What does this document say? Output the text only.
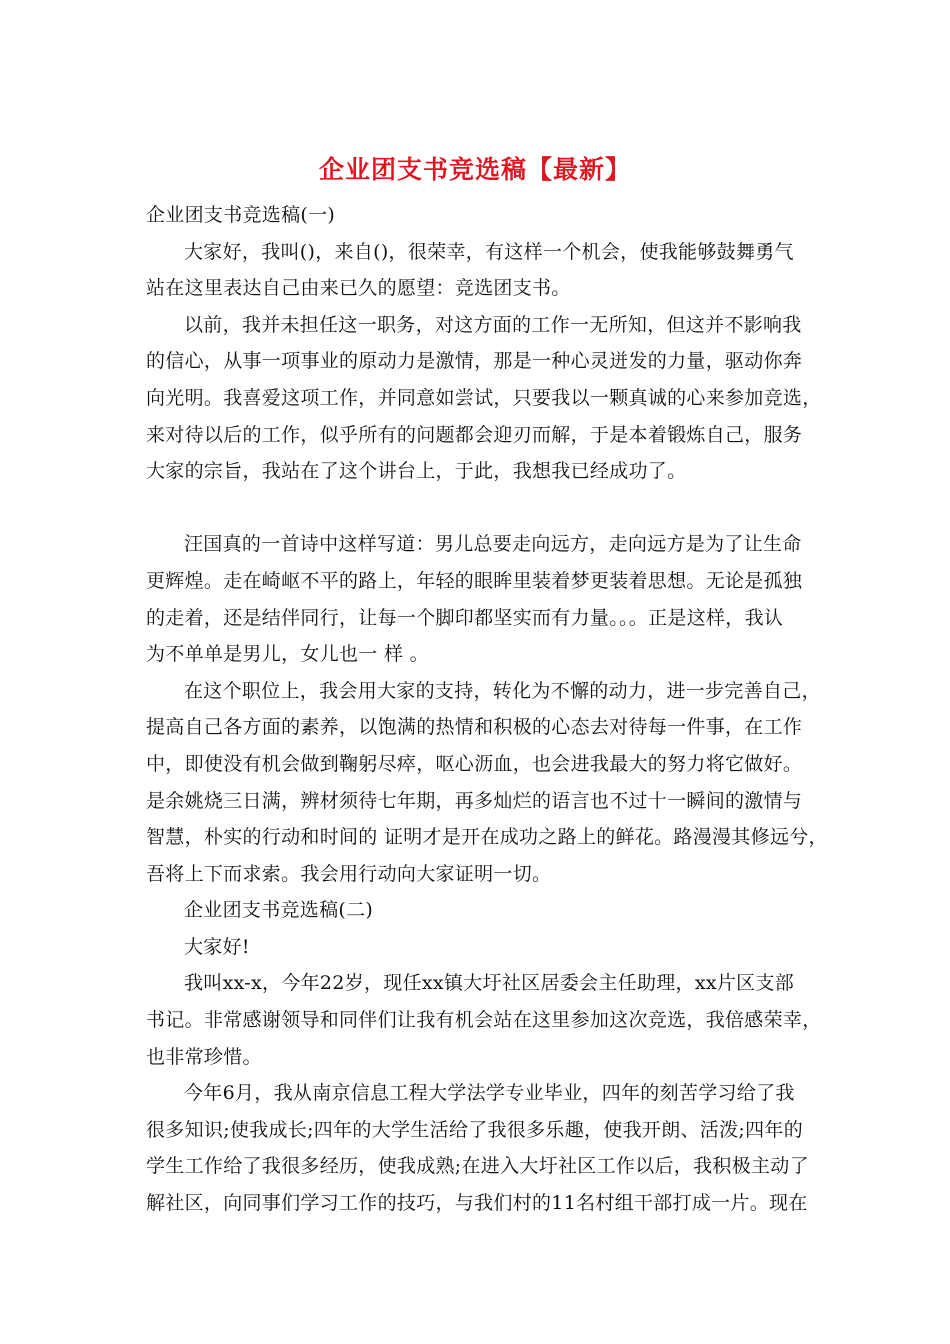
企业团支书竞选稿【最新】
企业团支书竞选稿(一)
大家好，我叫()，来自()，很荣幸，有这样一个机会，使我能够鼓舞勇气
站在这里表达自己由来已久的愿望：竞选团支书。
以前，我并未担任这一职务，对这方面的工作一无所知，但这并不影响我
的信心，从事一项事业的原动力是激情，那是一种心灵迸发的力量，驱动你奔
向光明。我喜爱这项工作，并同意如尝试，只要我以一颗真诚的心来参加竞选，
来对待以后的工作，似乎所有的问题都会迎刃而解，于是本着锻炼自己，服务
大家的宗旨，我站在了这个讲台上，于此，我想我已经成功了。
汪国真的一首诗中这样写道：男儿总要走向远方，走向远方是为了让生命
更辉煌。走在崎岖不平的路上，年轻的眼眸里装着梦更装着思想。无论是孤独
的走着，还是结伴同行，让每一个脚印都坚实而有力量。。。正是这样，我认
为不单单是男儿，女儿也一 样 。
在这个职位上，我会用大家的支持，转化为不懈的动力，进一步完善自己，
提高自己各方面的素养，以饱满的热情和积极的心态去对待每一件事，在工作
中，即使没有机会做到鞠躬尽瘁，呕心沥血，也会进我最大的努力将它做好。
是余姚烧三日满，辨材须待七年期，再多灿烂的语言也不过十一瞬间的激情与
智慧，朴实的行动和时间的 证明才是开在成功之路上的鲜花。路漫漫其修远兮，
吾将上下而求索。我会用行动向大家证明一切。
企业团支书竞选稿(二)
大家好!
我叫xx-x，今年22岁，现任xx镇大圩社区居委会主任助理，xx片区支部
书记。非常感谢领导和同伴们让我有机会站在这里参加这次竞选，我倍感荣幸，
也非常珍惜。
今年6月，我从南京信息工程大学法学专业毕业，四年的刻苦学习给了我
很多知识;使我成长;四年的大学生活给了我很多乐趣，使我开朗、活泼;四年的
学生工作给了我很多经历，使我成熟;在进入大圩社区工作以后，我积极主动了
解社区，向同事们学习工作的技巧，与我们村的11名村组干部打成一片。现在
